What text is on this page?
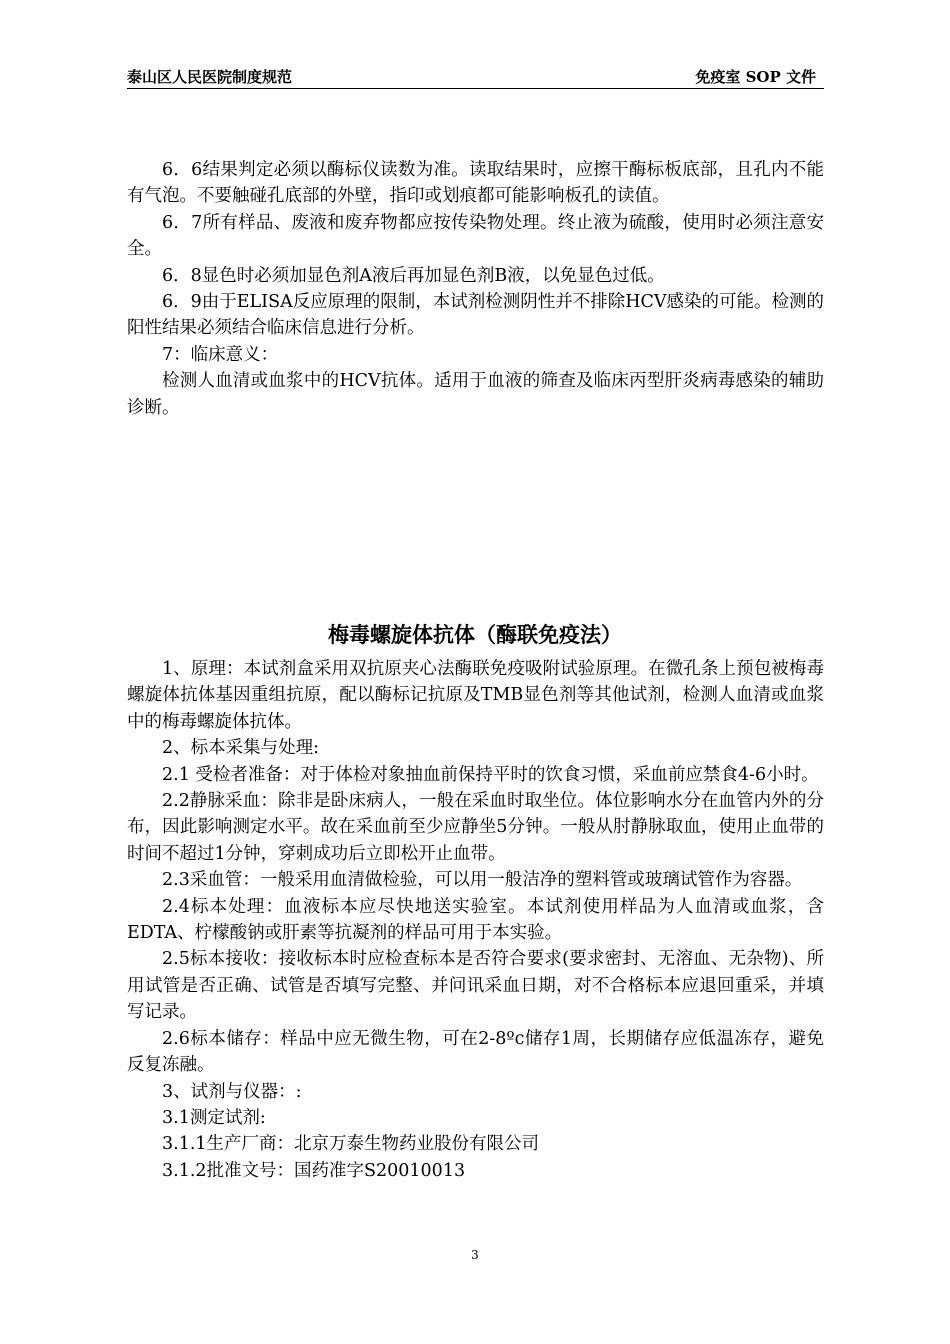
泰山区人民医院制度规范	免疫室 SOP 文件

6．6结果判定必须以酶标仪读数为准。读取结果时，应擦干酶标板底部，且孔内不能有气泡。不要触碰孔底部的外壁，指印或划痕都可能影响板孔的读值。

6．7所有样品、废液和废弃物都应按传染物处理。终止液为硫酸，使用时必须注意安全。

6．8显色时必须加显色剂A液后再加显色剂B液，以免显色过低。

6．9由于ELISA反应原理的限制，本试剂检测阴性并不排除HCV感染的可能。检测的阳性结果必须结合临床信息进行分析。

7：临床意义：

检测人血清或血浆中的HCV抗体。适用于血液的筛查及临床丙型肝炎病毒感染的辅助诊断。

梅毒螺旋体抗体（酶联免疫法）

1、原理：本试剂盒采用双抗原夹心法酶联免疫吸附试验原理。在微孔条上预包被梅毒螺旋体抗体基因重组抗原，配以酶标记抗原及TMB显色剂等其他试剂，检测人血清或血浆中的梅毒螺旋体抗体。

2、标本采集与处理:

2.1 受检者准备：对于体检对象抽血前保持平时的饮食习惯，采血前应禁食4-6小时。

2.2静脉采血：除非是卧床病人，一般在采血时取坐位。体位影响水分在血管内外的分布，因此影响测定水平。故在采血前至少应静坐5分钟。一般从肘静脉取血，使用止血带的时间不超过1分钟，穿刺成功后立即松开止血带。

2.3采血管：一般采用血清做检验，可以用一般洁净的塑料管或玻璃试管作为容器。

2.4标本处理：血液标本应尽快地送实验室。本试剂使用样品为人血清或血浆，含EDTA、柠檬酸钠或肝素等抗凝剂的样品可用于本实验。

2.5标本接收：接收标本时应检查标本是否符合要求(要求密封、无溶血、无杂物)、所用试管是否正确、试管是否填写完整、并问讯采血日期，对不合格标本应退回重采，并填写记录。

2.6标本储存：样品中应无微生物，可在2-8ºc储存1周，长期储存应低温冻存，避免反复冻融。

3、试剂与仪器：:

3.1测定试剂:

3.1.1生产厂商：北京万泰生物药业股份有限公司

3.1.2批准文号：国药准字S20010013

3
